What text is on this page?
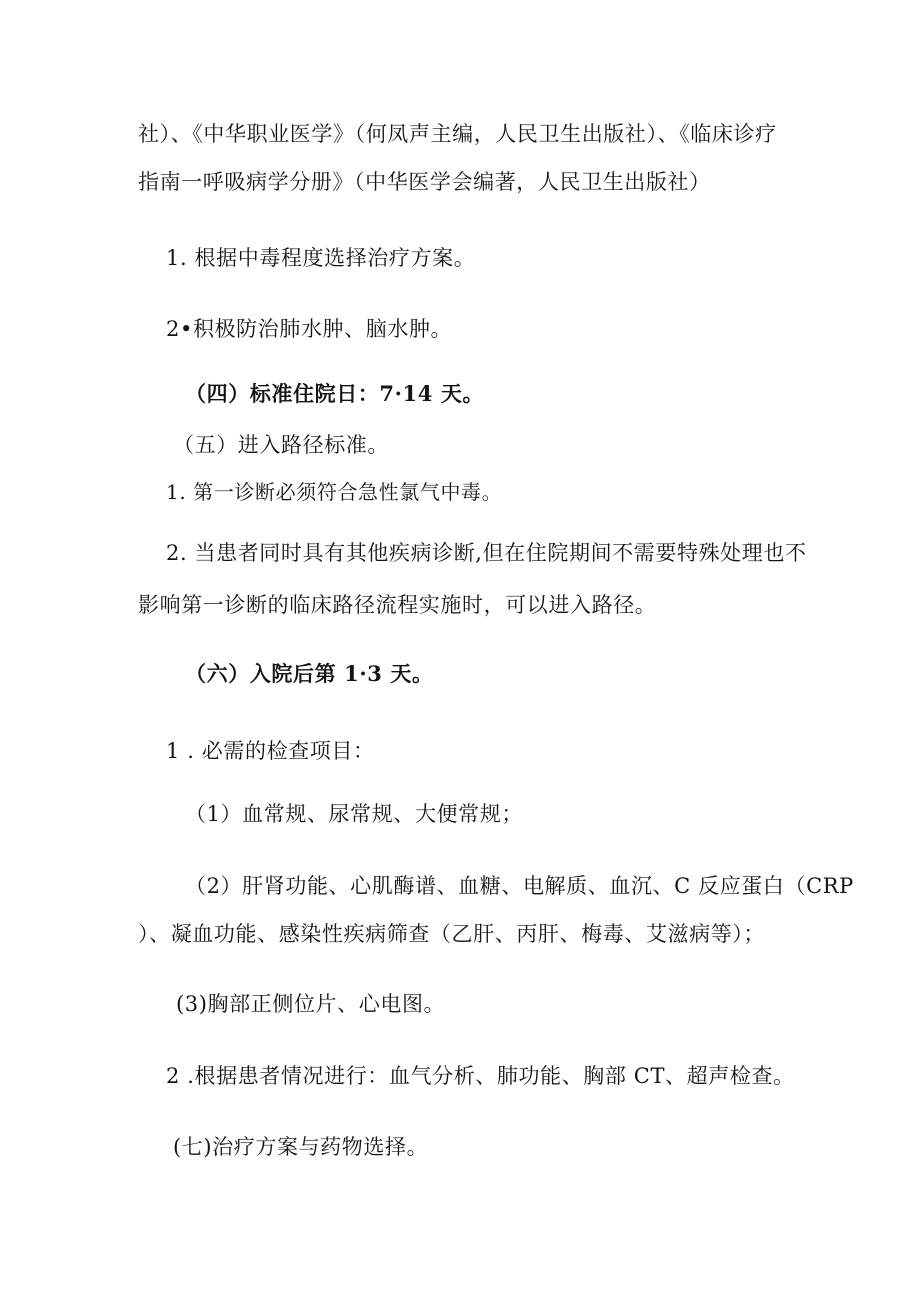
社）、《中华职业医学》（何凤声主编，人民卫生出版社）、《临床诊疗
指南一呼吸病学分册》（中华医学会编著，人民卫生出版社）
1. 根据中毒程度选择治疗方案。
2•积极防治肺水肿、脑水肿。
（四）标准住院日：7·14 天。
（五）进入路径标准。
1. 第一诊断必须符合急性氯气中毒。
2. 当患者同时具有其他疾病诊断,但在住院期间不需要特殊处理也不
影响第一诊断的临床路径流程实施时，可以进入路径。
（六）入院后第 1·3 天。
1 . 必需的检查项目：
（1）血常规、尿常规、大便常规；
（2）肝肾功能、心肌酶谱、血糖、电解质、血沉、C 反应蛋白（CRP
）、凝血功能、感染性疾病筛查（乙肝、丙肝、梅毒、艾滋病等）；
(3)胸部正侧位片、心电图。
2 .根据患者情况进行：血气分析、肺功能、胸部 CT、超声检查。
(七)治疗方案与药物选择。
